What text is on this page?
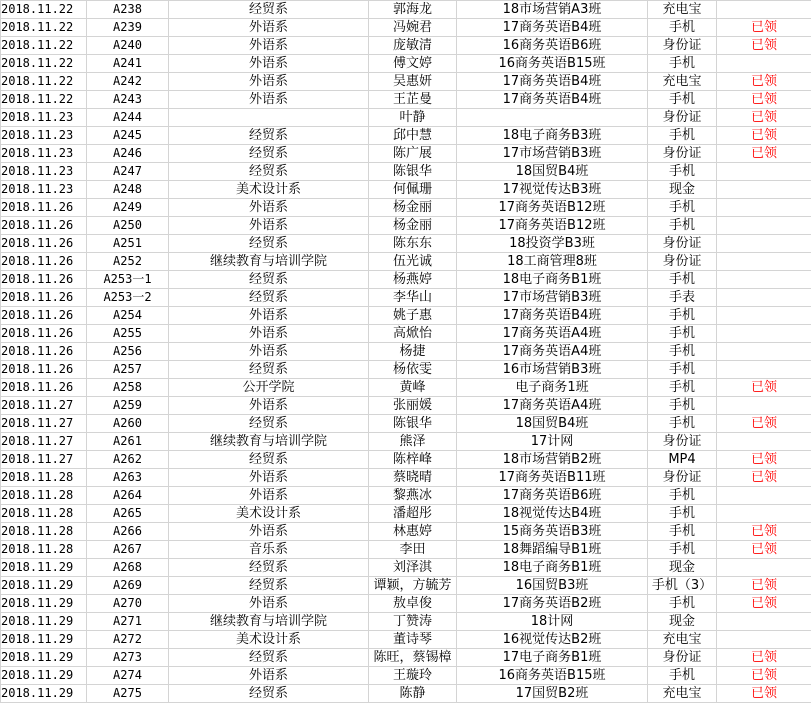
2018.11.22	A238	经贸系	郭海龙	18市场营销A3班	充电宝	
2018.11.22	A239	外语系	冯婉君	17商务英语B4班	手机	已领
2018.11.22	A240	外语系	庞敏清	16商务英语B6班	身份证	已领
2018.11.22	A241	外语系	傅文婷	16商务英语B15班	手机	
2018.11.22	A242	外语系	吴惠妍	17商务英语B4班	充电宝	已领
2018.11.22	A243	外语系	王芷曼	17商务英语B4班	手机	已领
2018.11.23	A244		叶静		身份证	已领
2018.11.23	A245	经贸系	邱中慧	18电子商务B3班	手机	已领
2018.11.23	A246	经贸系	陈广展	17市场营销B3班	身份证	已领
2018.11.23	A247	经贸系	陈银华	18国贸B4班	手机	
2018.11.23	A248	美术设计系	何佩珊	17视觉传达B3班	现金	
2018.11.26	A249	外语系	杨金丽	17商务英语B12班	手机	
2018.11.26	A250	外语系	杨金丽	17商务英语B12班	手机	
2018.11.26	A251	经贸系	陈东东	18投资学B3班	身份证	
2018.11.26	A252	继续教育与培训学院	伍光诚	18工商管理8班	身份证	
2018.11.26	A253一1	经贸系	杨燕婷	18电子商务B1班	手机	
2018.11.26	A253一2	经贸系	李华山	17市场营销B3班	手表	
2018.11.26	A254	外语系	姚子惠	17商务英语B4班	手机	
2018.11.26	A255	外语系	高焮怡	17商务英语A4班	手机	
2018.11.26	A256	外语系	杨捷	17商务英语A4班	手机	
2018.11.26	A257	经贸系	杨依雯	16市场营销B3班	手机	
2018.11.26	A258	公开学院	黄峰	电子商务1班	手机	已领
2018.11.27	A259	外语系	张丽媛	17商务英语A4班	手机	
2018.11.27	A260	经贸系	陈银华	18国贸B4班	手机	已领
2018.11.27	A261	继续教育与培训学院	熊泽	17计网	身份证	
2018.11.27	A262	经贸系	陈梓峰	18市场营销B2班	MP4	已领
2018.11.28	A263	外语系	蔡晓晴	17商务英语B11班	身份证	已领
2018.11.28	A264	外语系	黎燕冰	17商务英语B6班	手机	
2018.11.28	A265	美术设计系	潘超彤	18视觉传达B4班	手机	
2018.11.28	A266	外语系	林惠婷	15商务英语B3班	手机	已领
2018.11.28	A267	音乐系	李田	18舞蹈编导B1班	手机	已领
2018.11.29	A268	经贸系	刘泽淇	18电子商务B1班	现金	
2018.11.29	A269	经贸系	谭颖，方毓芳	16国贸B3班	手机（3）	已领
2018.11.29	A270	外语系	敖卓俊	17商务英语B2班	手机	已领
2018.11.29	A271	继续教育与培训学院	丁赞涛	18计网	现金	
2018.11.29	A272	美术设计系	董诗琴	16视觉传达B2班	充电宝	
2018.11.29	A273	经贸系	陈旺，蔡锡樟	17电子商务B1班	身份证	已领
2018.11.29	A274	外语系	王璇玲	16商务英语B15班	手机	已领
2018.11.29	A275	经贸系	陈静	17国贸B2班	充电宝	已领
